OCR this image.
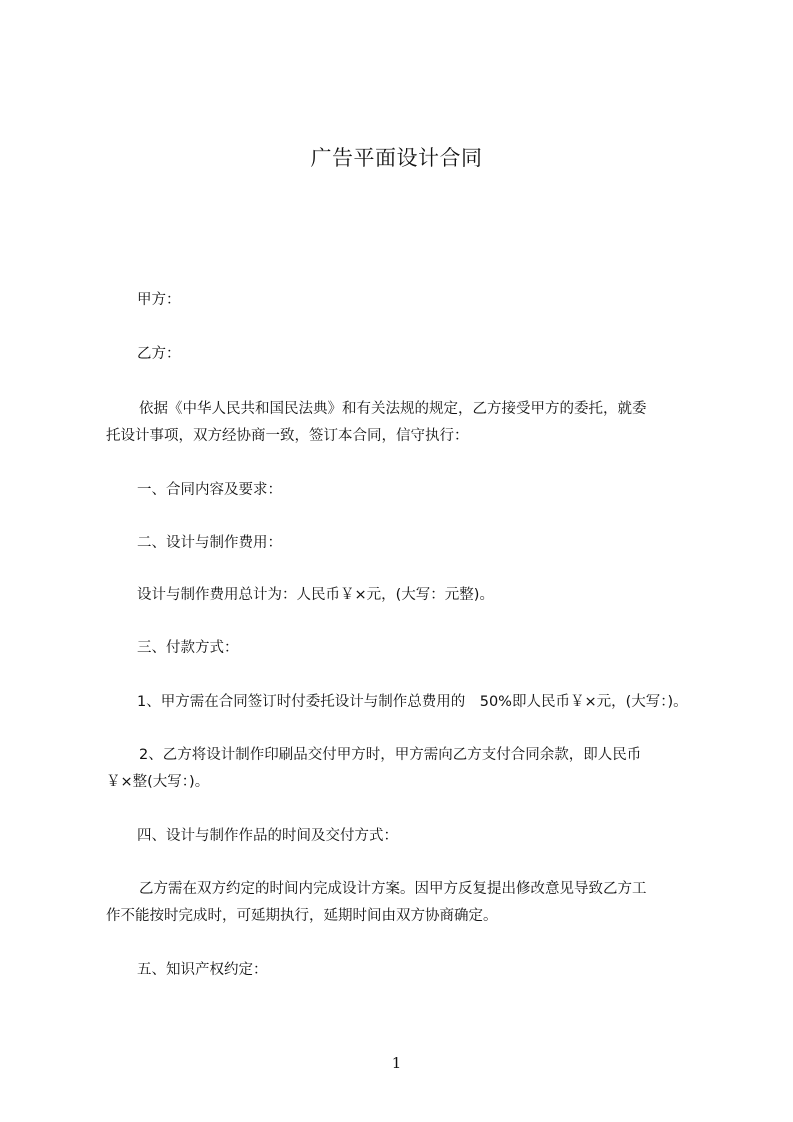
广告平面设计合同
甲方：
乙方：
依据《中华人民共和国民法典》和有关法规的规定，乙方接受甲方的委托，就委
托设计事项，双方经协商一致，签订本合同，信守执行：
一、合同内容及要求：
二、设计与制作费用：
设计与制作费用总计为：人民币￥×元，(大写：元整)。
三、付款方式：
1、甲方需在合同签订时付委托设计与制作总费用的　50%即人民币￥×元，(大写：)。
2、乙方将设计制作印刷品交付甲方时，甲方需向乙方支付合同余款，即人民币
￥×整(大写：)。
四、设计与制作作品的时间及交付方式：
乙方需在双方约定的时间内完成设计方案。因甲方反复提出修改意见导致乙方工
作不能按时完成时，可延期执行，延期时间由双方协商确定。
五、知识产权约定：
1
